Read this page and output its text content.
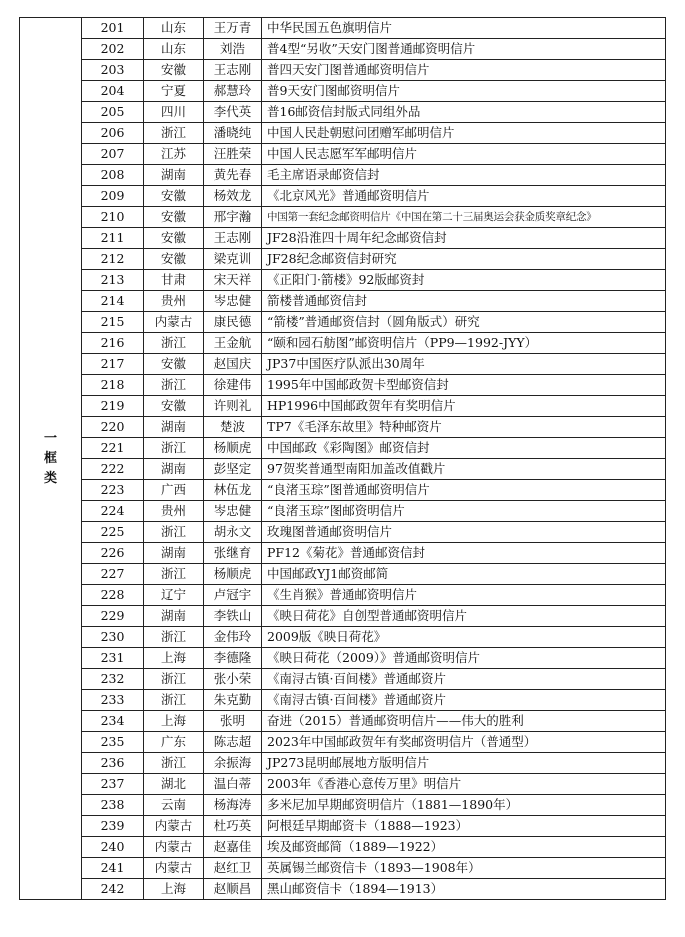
一框类	201	山东	王万青	中华民国五色旗明信片
	202	山东	刘浩	普4型“另收”天安门图普通邮资明信片
	203	安徽	王志刚	普四天安门图普通邮资明信片
	204	宁夏	郝慧玲	普9天安门图邮资明信片
	205	四川	李代英	普16邮资信封版式同组外品
	206	浙江	潘晓纯	中国人民赴朝慰问团赠军邮明信片
	207	江苏	汪胜荣	中国人民志愿军军邮明信片
	208	湖南	黄先春	毛主席语录邮资信封
	209	安徽	杨效龙	《北京风光》普通邮资明信片
	210	安徽	邢宇瀚	中国第一套纪念邮资明信片《中国在第二十三届奥运会获金质奖章纪念》
	211	安徽	王志刚	JF28沿淮四十周年纪念邮资信封
	212	安徽	梁克训	JF28纪念邮资信封研究
	213	甘肃	宋天祥	《正阳门·箭楼》92版邮资封
	214	贵州	岑忠健	箭楼普通邮资信封
	215	内蒙古	康民德	“箭楼”普通邮资信封（圆角版式）研究
	216	浙江	王金航	“颐和园石舫图”邮资明信片（PP9—1992-JYY）
	217	安徽	赵国庆	JP37中国医疗队派出30周年
	218	浙江	徐建伟	1995年中国邮政贺卡型邮资信封
	219	安徽	许则礼	HP1996中国邮政贺年有奖明信片
	220	湖南	楚波	TP7《毛泽东故里》特种邮资片
	221	浙江	杨顺虎	中国邮政《彩陶图》邮资信封
	222	湖南	彭坚定	97贺奖普通型南阳加盖改值戳片
	223	广西	林伍龙	“良渚玉琮”图普通邮资明信片
	224	贵州	岑忠健	“良渚玉琮”图邮资明信片
	225	浙江	胡永文	玫瑰图普通邮资明信片
	226	湖南	张继育	PF12《菊花》普通邮资信封
	227	浙江	杨顺虎	中国邮政YJ1邮资邮简
	228	辽宁	卢冠宇	《生肖猴》普通邮资明信片
	229	湖南	李铁山	《映日荷花》自创型普通邮资明信片
	230	浙江	金伟玲	2009版《映日荷花》
	231	上海	李德隆	《映日荷花（2009）》普通邮资明信片
	232	浙江	张小荣	《南浔古镇·百间楼》普通邮资片
	233	浙江	朱克勤	《南浔古镇·百间楼》普通邮资片
	234	上海	张明	奋进（2015）普通邮资明信片——伟大的胜利
	235	广东	陈志超	2023年中国邮政贺年有奖邮资明信片（普通型）
	236	浙江	余振海	JP273昆明邮展地方版明信片
	237	湖北	温白蒂	2003年《香港心意传万里》明信片
	238	云南	杨海涛	多米尼加早期邮资明信片（1881—1890年）
	239	内蒙古	杜巧英	阿根廷早期邮资卡（1888—1923）
	240	内蒙古	赵嘉佳	埃及邮资邮简（1889—1922）
	241	内蒙古	赵红卫	英属锡兰邮资信卡（1893—1908年）
	242	上海	赵顺昌	黑山邮资信卡（1894—1913）
